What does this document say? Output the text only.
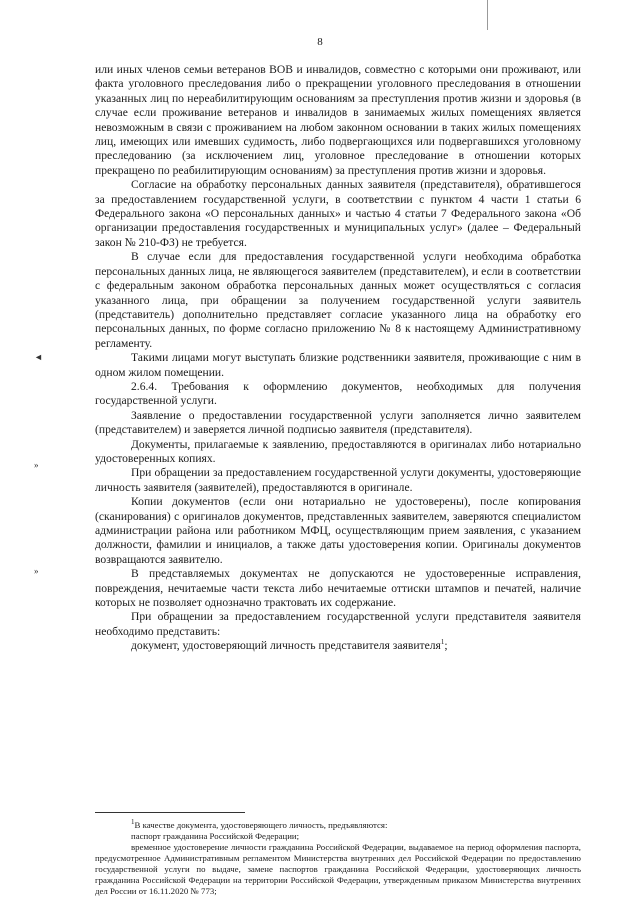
8
◄
»
»

или иных членов семьи ветеранов ВОВ и инвалидов, совместно с которыми они проживают, или факта уголовного преследования либо о прекращении уголовного преследования в отношении указанных лиц по нереабилитирующим основаниям за преступления против жизни и здоровья (в случае если проживание ветеранов и инвалидов в занимаемых жилых помещениях является невозможным в связи с проживанием на любом законном основании в таких жилых помещениях лиц, имеющих или имевших судимость, либо подвергающихся или подвергавшихся уголовному преследованию (за исключением лиц, уголовное преследование в отношении которых прекращено по реабилитирующим основаниям) за преступления против жизни и здоровья.

Согласие на обработку персональных данных заявителя (представителя), обратившегося за предоставлением государственной услуги, в соответствии с пунктом 4 части 1 статьи 6 Федерального закона «О персональных данных» и частью 4 статьи 7 Федерального закона «Об организации предоставления государственных и муниципальных услуг» (далее – Федеральный закон № 210-ФЗ) не требуется.

В случае если для предоставления государственной услуги необходима обработка персональных данных лица, не являющегося заявителем (представителем), и если в соответствии с федеральным законом обработка персональных данных может осуществляться с согласия указанного лица, при обращении за получением государственной услуги заявитель (представитель) дополнительно представляет согласие указанного лица на обработку его персональных данных, по форме согласно приложению № 8 к настоящему Административному регламенту.

Такими лицами могут выступать близкие родственники заявителя, проживающие с ним в одном жилом помещении.

2.6.4. Требования к оформлению документов, необходимых для получения государственной услуги.

Заявление о предоставлении государственной услуги заполняется лично заявителем (представителем) и заверяется личной подписью заявителя (представителя).

Документы, прилагаемые к заявлению, предоставляются в оригиналах либо нотариально удостоверенных копиях.

При обращении за предоставлением государственной услуги документы, удостоверяющие личность заявителя (заявителей), предоставляются в оригинале.

Копии документов (если они нотариально не удостоверены), после копирования (сканирования) с оригиналов документов, представленных заявителем, заверяются специалистом администрации района или работником МФЦ, осуществляющим прием заявления, с указанием должности, фамилии и инициалов, а также даты удостоверения копии. Оригиналы документов возвращаются заявителю.

В представляемых документах не допускаются не удостоверенные исправления, повреждения, нечитаемые части текста либо нечитаемые оттиски штампов и печатей, наличие которых не позволяет однозначно трактовать их содержание.

При обращении за предоставлением государственной услуги представителя заявителя необходимо представить:

документ, удостоверяющий личность представителя заявителя$^1$;

$^1$В качестве документа, удостоверяющего личность, предъявляются:

паспорт гражданина Российской Федерации;

временное удостоверение личности гражданина Российской Федерации, выдаваемое на период оформления паспорта, предусмотренное Административным регламентом Министерства внутренних дел Российской Федерации по предоставлению государственной услуги по выдаче, замене паспортов гражданина Российской Федерации, удостоверяющих личность гражданина Российской Федерации на территории Российской Федерации, утвержденным приказом Министерства внутренних дел России от 16.11.2020 № 773;
